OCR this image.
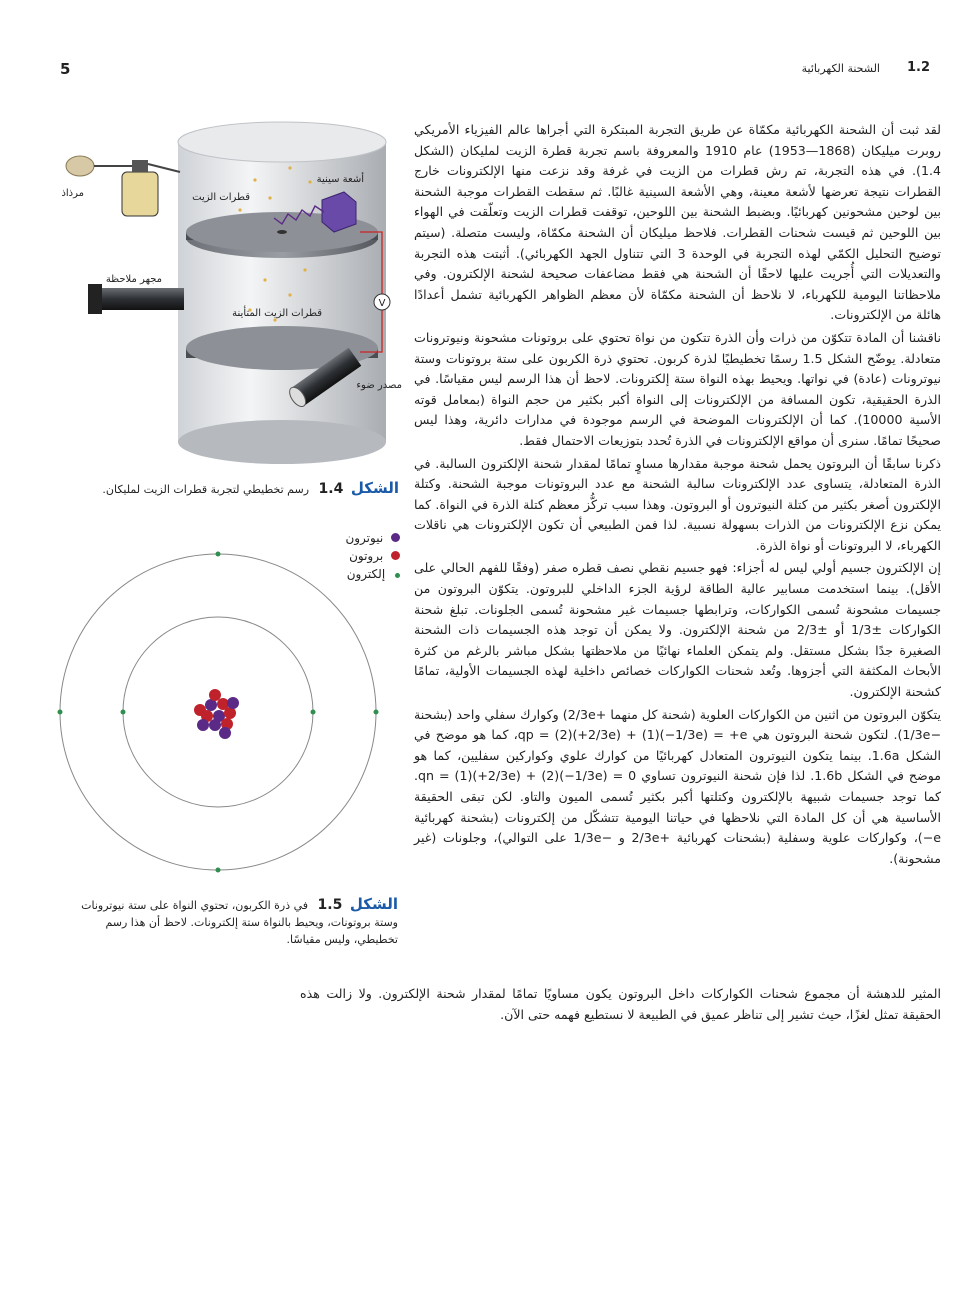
5	الشحنة الكهربائية 1.2

لقد ثبت أن الشحنة الكهربائية مكمّاة عن طريق التجربة المبتكرة التي أجراها عالم الفيزياء الأمريكي روبرت ميليكان (1868—1953) عام 1910 والمعروفة باسم تجربة قطرة الزيت لمليكان (الشكل 1.4). في هذه التجربة، تم رش قطرات من الزيت في غرفة وقد نزعت منها الإلكترونات خارج القطرات نتيجة تعرضها لأشعة معينة، وهي الأشعة السينية غالبًا. ثم سقطت القطرات موجبة الشحنة بين لوحين مشحونين كهربائيًا. وبضبط الشحنة بين اللوحين، توقفت قطرات الزيت وتعلّقت في الهواء بين اللوحين ثم قيست شحنات القطرات. فلاحظ ميليكان أن الشحنة مكمّاة، وليست متصلة. (سيتم توضيح التحليل الكمّي لهذه التجربة في الوحدة 3 التي تتناول الجهد الكهربائي). أثبتت هذه التجربة والتعديلات التي أُجريت عليها لاحقًا أن الشحنة هي فقط مضاعفات صحيحة لشحنة الإلكترون. وفي ملاحظاتنا اليومية للكهرباء، لا نلاحظ أن الشحنة مكمّاة لأن معظم الظواهر الكهربائية تشمل أعدادًا هائلة من الإلكترونات.

ناقشنا أن المادة تتكوّن من ذرات وأن الذرة تتكون من نواة تحتوي على بروتونات مشحونة ونيوترونات متعادلة. يوضّح الشكل 1.5 رسمًا تخطيطيًا لذرة كربون. تحتوي ذرة الكربون على ستة بروتونات وستة نيوترونات (عادة) في نواتها. ويحيط بهذه النواة ستة إلكترونات. لاحظ أن هذا الرسم ليس مقياسًا. في الذرة الحقيقية، تكون المسافة من الإلكترونات إلى النواة أكبر بكثير من حجم النواة (بمعامل قوته الأسية 10000). كما أن الإلكترونات الموضحة في الرسم موجودة في مدارات دائرية، وهذا ليس صحيحًا تمامًا. سنرى أن مواقع الإلكترونات في الذرة تُحدد بتوزيعات الاحتمال فقط.

ذكرنا سابقًا أن البروتون يحمل شحنة موجبة مقدارها مساوٍ تمامًا لمقدار شحنة الإلكترون السالبة. في الذرة المتعادلة، يتساوى عدد الإلكترونات سالبة الشحنة مع عدد البروتونات موجبة الشحنة. وكتلة الإلكترون أصغر بكثير من كتلة النيوترون أو البروتون. وهذا سبب تركُّز معظم كتلة الذرة في النواة. كما يمكن نزع الإلكترونات من الذرات بسهولة نسبية. لذا فمن الطبيعي أن تكون الإلكترونات هي ناقلات الكهرباء، لا البروتونات أو نواة الذرة.

إن الإلكترون جسيم أولي ليس له أجزاء: فهو جسيم نقطي نصف قطره صفر (وفقًا للفهم الحالي على الأقل). بينما استخدمت مسابير عالية الطاقة لرؤية الجزء الداخلي للبروتون. يتكوّن البروتون من جسيمات مشحونة تُسمى الكواركات، وترابطها جسيمات غير مشحونة تُسمى الجلونات. تبلغ شحنة الكواركات ±1/3 أو ±2/3 من شحنة الإلكترون. ولا يمكن أن توجد هذه الجسيمات ذات الشحنة الصغيرة جدًا بشكل مستقل. ولم يتمكن العلماء نهائيًا من ملاحظتها بشكل مباشر بالرغم من كثرة الأبحاث المكثفة التي أجزوها. وتُعد شحنات الكواركات خصائص داخلية لهذه الجسيمات الأولية، تمامًا كشحنة الإلكترون.

يتكوّن البروتون من اثنين من الكواركات العلوية (شحنة كل منهما +2/3e) وكوارك سفلي واحد (بشحنة −1/3e). لتكون شحنة البروتون هي qp = (2)(+2/3e) + (1)(−1/3e) = +e، كما هو موضح في الشكل 1.6a. بينما يتكون النيوترون المتعادل كهربائيًا من كوارك علوي وكواركين سفليين، كما هو موضح في الشكل 1.6b. لذا فإن شحنة النيوترون تساوي qn = (1)(+2/3e) + (2)(−1/3e) = 0. كما توجد جسيمات شبيهة بالإلكترون وكتلتها أكبر بكثير تُسمى الميون والتاو. لكن تبقى الحقيقة الأساسية هي أن كل المادة التي نلاحظها في حياتنا اليومية تتشكّل من إلكترونات (بشحنة كهربائية e−)، وكواركات علوية وسفلية (بشحنات كهربائية +2/3e و −1/3e على التوالي)، وجلونات (غير مشحونة).

المثير للدهشة أن مجموع شحنات الكواركات داخل البروتون يكون مساويًا تمامًا لمقدار شحنة الإلكترون. ولا زالت هذه الحقيقة تمثل لغزًا، حيث تشير إلى تناظر عميق في الطبيعة لا نستطيع فهمه حتى الآن.

V
مرذاذ	قطرات الزيت
أشعة سينية
مجهر ملاحظة
قطرات الزيت المتأينة
مصدر ضوء
الشكل 1.4 رسم تخطيطي لتجربة قطرات الزيت لمليكان.
نيوترون
بروتون
إلكترون
الشكل 1.5 في ذرة الكربون، تحتوي النواة على ستة نيوترونات وستة بروتونات، ويحيط بالنواة ستة إلكترونات. لاحظ أن هذا رسم تخطيطي، وليس مقياسًا.
